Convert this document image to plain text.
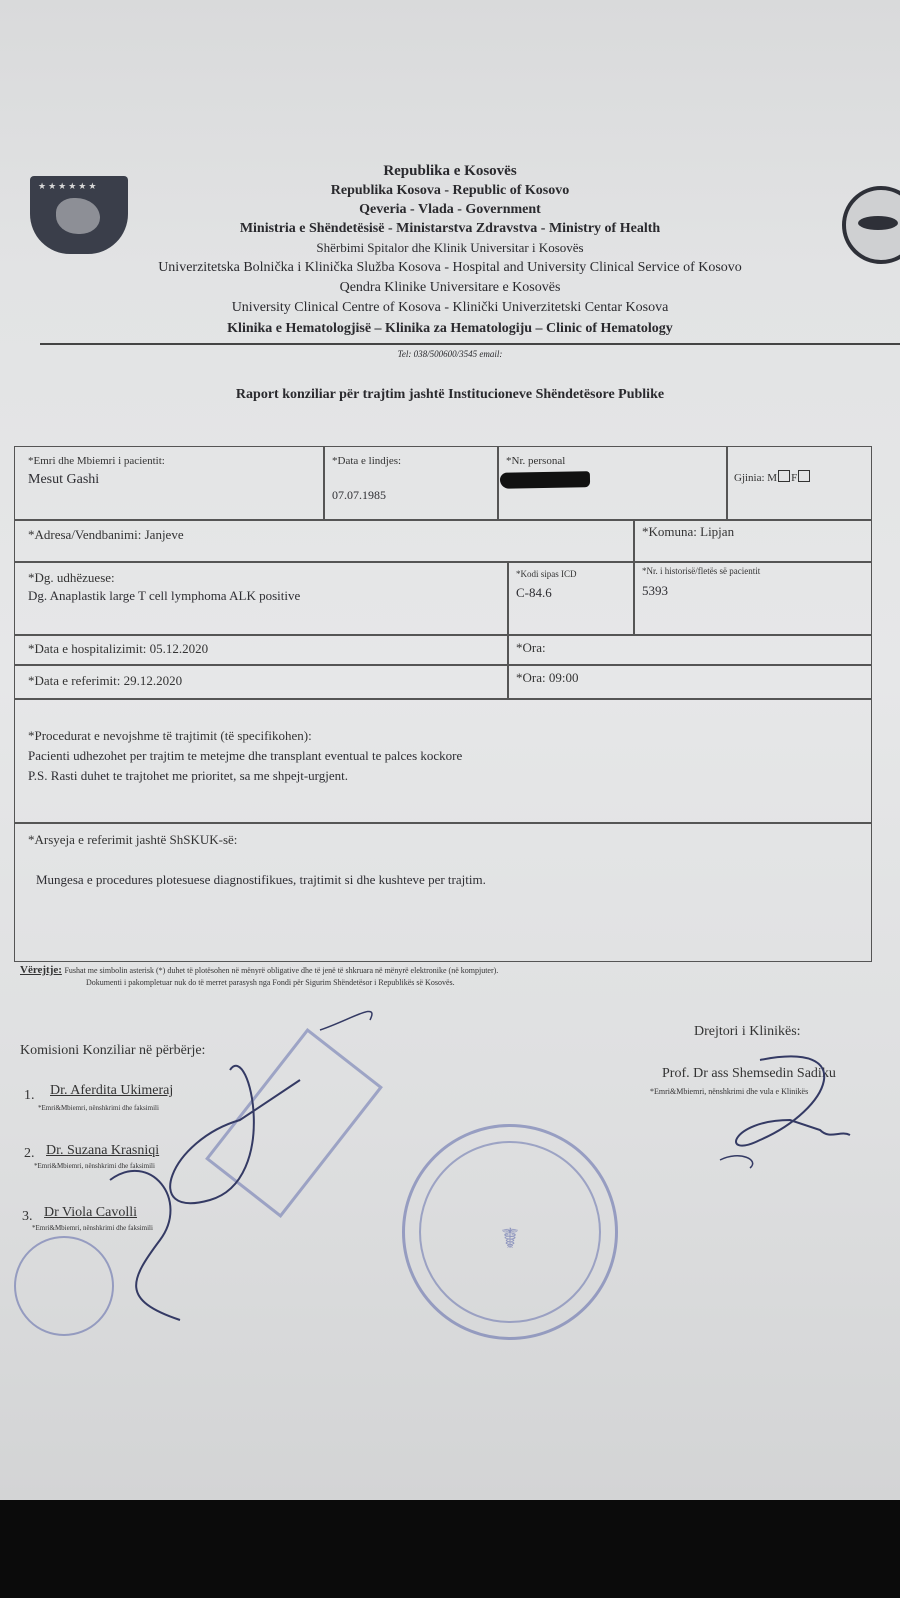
★★★★★★
Republika e Kosovës
Republika Kosova - Republic of Kosovo
Qeveria - Vlada - Government
Ministria e Shëndetësisë - Ministarstva Zdravstva - Ministry of Health
Shërbimi Spitalor dhe Klinik Universitar i Kosovës
Univerzitetska Bolnička i Klinička Služba Kosova - Hospital and University Clinical Service of Kosovo
Qendra Klinike Universitare e Kosovës
University Clinical Centre of Kosova - Klinički Univerzitetski Centar Kosova
Klinika e Hematologjisë – Klinika za Hematologiju – Clinic of Hematology
Tel: 038/500600/3545 email:
Raport konziliar për trajtim jashtë Institucioneve Shëndetësore Publike
*Emri dhe Mbiemri i pacientit:
Mesut Gashi
*Data e lindjes:
07.07.1985
*Nr. personal
Gjinia: M F
*Adresa/Vendbanimi: Janjeve	*Komuna: Lipjan
*Dg. udhëzuese:
Dg. Anaplastik large T cell lymphoma ALK positive
*Kodi sipas ICD
C-84.6
*Nr. i historisë/fletës së pacientit
5393
*Data e hospitalizimit: 05.12.2020	*Ora:
*Data e referimit: 29.12.2020	*Ora: 09:00
*Procedurat e nevojshme të trajtimit (të specifikohen):
Pacienti udhezohet per trajtim te metejme dhe transplant eventual te palces kockore
P.S. Rasti duhet te trajtohet me prioritet, sa me shpejt-urgjent.
*Arsyeja e referimit jashtë ShSKUK-së:
Mungesa e procedures plotesuese diagnostifikues, trajtimit si dhe kushteve per trajtim.
Vërejtje: Fushat me simbolin asterisk (*) duhet të plotësohen në mënyrë obligative dhe të jenë të shkruara në mënyrë elektronike (në kompjuter).
Dokumenti i pakompletuar nuk do të merret parasysh nga Fondi për Sigurim Shëndetësor i Republikës së Kosovës.
Komisioni Konziliar në përbërje:
Drejtori i Klinikës:
Prof. Dr ass Shemsedin Sadiku
*Emri&Mbiemri, nënshkrimi dhe vula e Klinikës
1. Dr. Aferdita Ukimeraj
*Emri&Mbiemri, nënshkrimi dhe faksimili
2. Dr. Suzana Krasniqi
*Emri&Mbiemri, nënshkrimi dhe faksimili
3. Dr Viola Cavolli
*Emri&Mbiemri, nënshkrimi dhe faksimili	☤
